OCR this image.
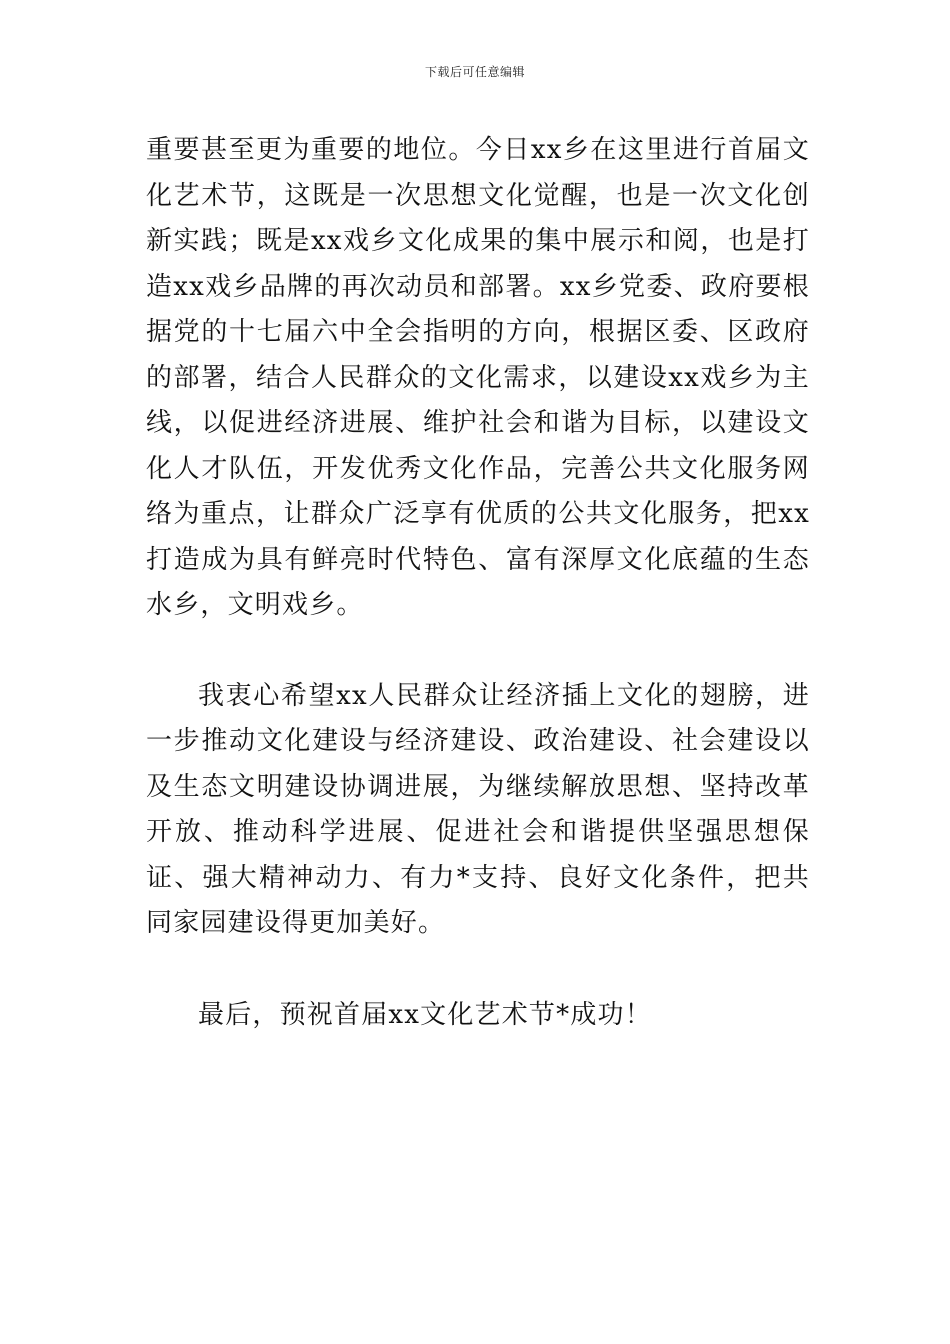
下载后可任意编辑

重要甚至更为重要的地位。今日xx乡在这里进行首届文化艺术节，这既是一次思想文化觉醒，也是一次文化创新实践；既是xx戏乡文化成果的集中展示和阅，也是打造xx戏乡品牌的再次动员和部署。xx乡党委、政府要根据党的十七届六中全会指明的方向，根据区委、区政府的部署，结合人民群众的文化需求，以建设xx戏乡为主线，以促进经济进展、维护社会和谐为目标，以建设文化人才队伍，开发优秀文化作品，完善公共文化服务网络为重点，让群众广泛享有优质的公共文化服务，把xx打造成为具有鲜亮时代特色、富有深厚文化底蕴的生态水乡，文明戏乡。

我衷心希望xx人民群众让经济插上文化的翅膀，进一步推动文化建设与经济建设、政治建设、社会建设以及生态文明建设协调进展，为继续解放思想、坚持改革开放、推动科学进展、促进社会和谐提供坚强思想保证、强大精神动力、有力*支持、良好文化条件，把共同家园建设得更加美好。

最后，预祝首届xx文化艺术节*成功！
